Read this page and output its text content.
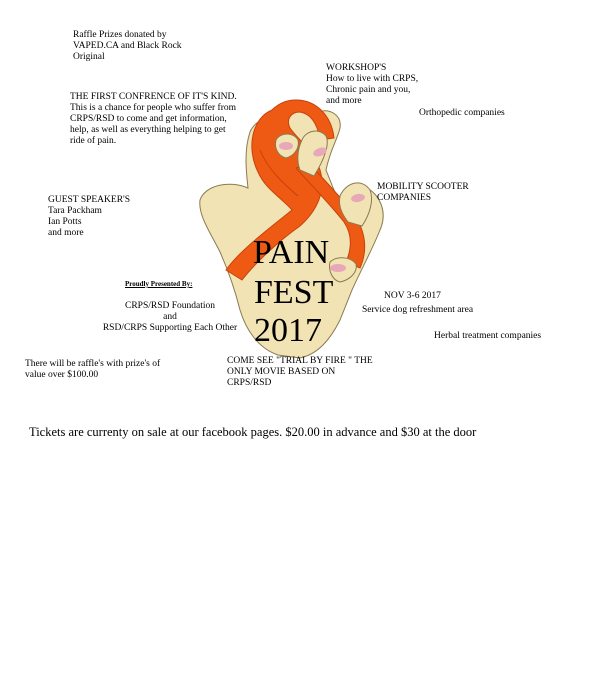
Raffle Prizes donated by
VAPED.CA and Black Rock
Original
WORKSHOP'S
How to live with CRPS,
Chronic pain and you,
and more
Orthopedic companies
THE FIRST CONFRENCE OF IT'S KIND.
This is a chance for people who suffer from
CRPS/RSD to come and get information,
help, as well as everything helping to get
ride of pain.
MOBILITY SCOOTER
COMPANIES
GUEST SPEAKER'S
Tara Packham
Ian Potts
and more
PAIN
FEST
2017
Proudly Presented By:
CRPS/RSD Foundation
and
RSD/CRPS Supporting Each Other
NOV 3-6 2017
Service dog refreshment area
Herbal treatment companies
There will be raffle's with prize's of
value over $100.00
COME SEE "TRIAL BY FIRE " THE
ONLY MOVIE BASED ON
CRPS/RSD
Tickets are currenty on sale at our facebook pages. $20.00 in advance and $30 at the door
